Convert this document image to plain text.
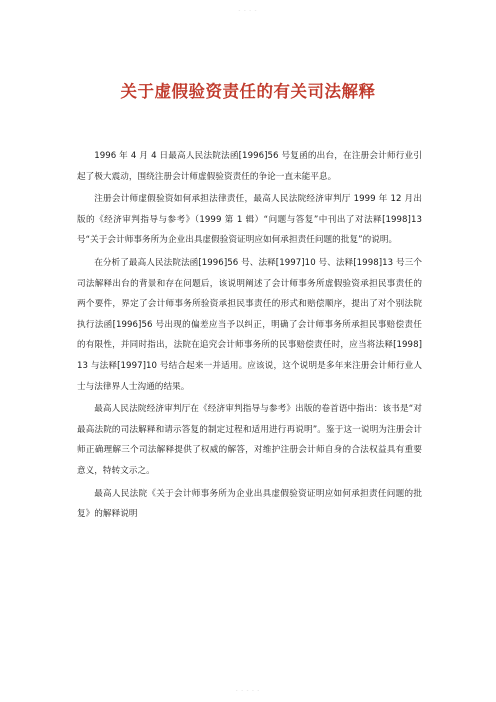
- - - -
关于虚假验资责任的有关司法解释

1996 年 4 月 4 日最高人民法院法函[1996]56 号复函的出台，在注册会计师行业引起了极大震动，围绕注册会计师虚假验资责任的争论一直未能平息。

注册会计师虚假验资如何承担法律责任，最高人民法院经济审判厅 1999 年 12 月出版的《经济审判指导与参考》（1999 第 1 辑）“问题与答复”中刊出了对法释[1998]13 号“关于会计师事务所为企业出具虚假验资证明应如何承担责任问题的批复”的说明。

在分析了最高人民法院法函[1996]56 号、法释[1997]10 号、法释[1998]13 号三个司法解释出台的背景和存在问题后，该说明阐述了会计师事务所虚假验资承担民事责任的两个要件，界定了会计师事务所验资承担民事责任的形式和赔偿顺序，提出了对个别法院执行法函[1996]56 号出现的偏差应当予以纠正，明确了会计师事务所承担民事赔偿责任的有限性，并同时指出，法院在追究会计师事务所的民事赔偿责任时，应当将法释[1998]13 与法释[1997]10 号结合起来一并适用。应该说，这个说明是多年来注册会计师行业人士与法律界人士沟通的结果。

最高人民法院经济审判厅在《经济审判指导与参考》出版的卷首语中指出：该书是“对最高法院的司法解释和请示答复的制定过程和适用进行再说明”。鉴于这一说明为注册会计师正确理解三个司法解释提供了权威的解答，对维护注册会计师自身的合法权益具有重要意义，特转文示之。

最高人民法院《关于会计师事务所为企业出具虚假验资证明应如何承担责任问题的批复》的解释说明

- - - - -
